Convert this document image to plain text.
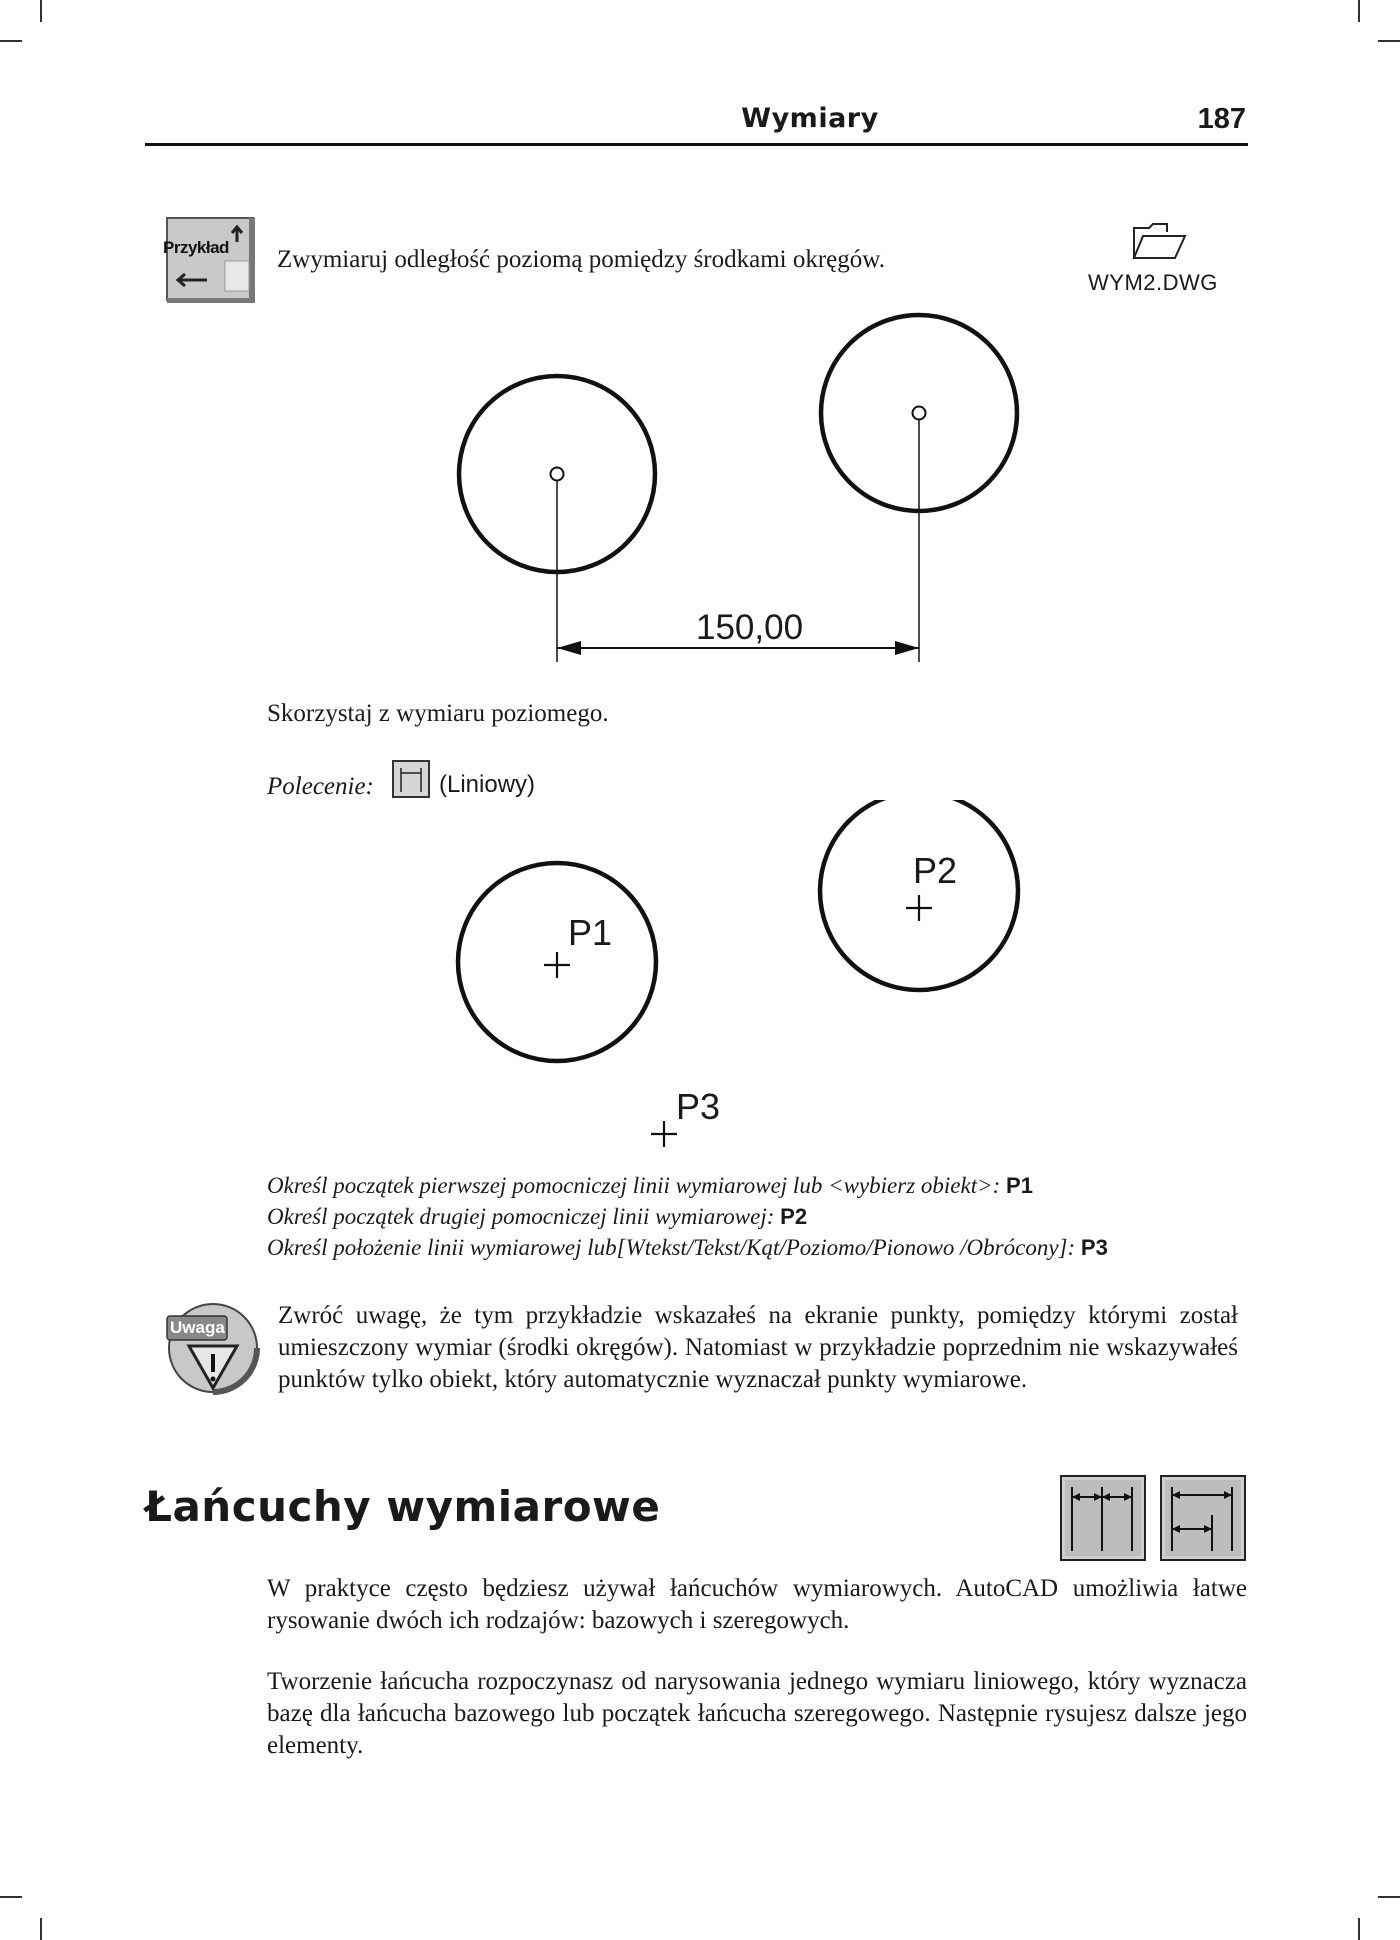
Wymiary	187
Przykład Zwymiaruj odległość poziomą pomiędzy środkami okręgów.
WYM2.DWG
150,00
Skorzystaj z wymiaru poziomego.
Polecenie:	(Liniowy)
P1
P2
P3
Określ początek pierwszej pomocniczej linii wymiarowej lub <wybierz obiekt>: P1
Określ początek drugiej pomocniczej linii wymiarowej: P2
Określ położenie linii wymiarowej lub[Wtekst/Tekst/Kąt/Poziomo/Pionowo /Obrócony]: P3
Uwaga Zwróć uwagę, że tym przykładzie wskazałeś na ekranie punkty, pomiędzy którymi został umieszczony wymiar (środki okręgów). Natomiast w przykładzie poprzednim nie wskazywałeś punktów tylko obiekt, który automatycznie wyznaczał punkty wymiarowe.
Łańcuchy wymiarowe
W praktyce często będziesz używał łańcuchów wymiarowych. AutoCAD umożliwia łatwe rysowanie dwóch ich rodzajów: bazowych i szeregowych.
Tworzenie łańcucha rozpoczynasz od narysowania jednego wymiaru liniowego, który wyznacza bazę dla łańcucha bazowego lub początek łańcucha szeregowego. Następnie rysujesz dalsze jego elementy.
